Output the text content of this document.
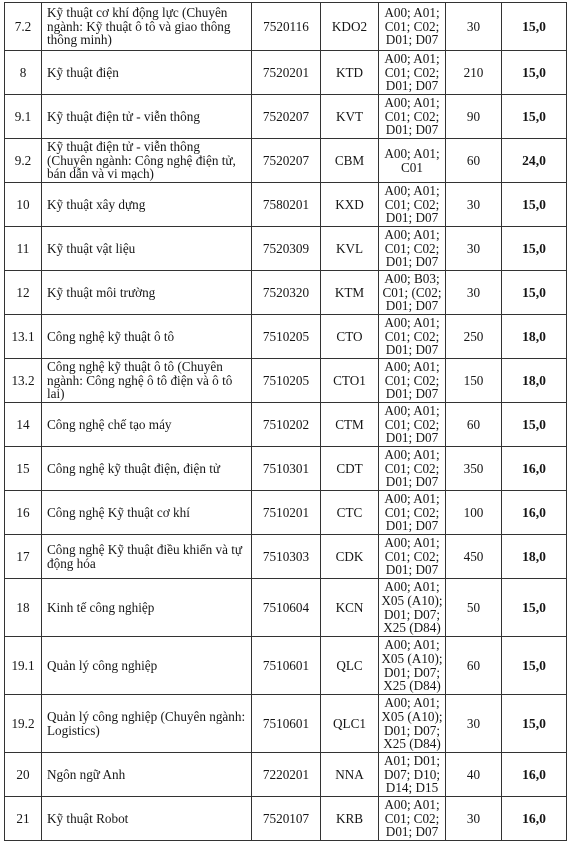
7.2	Kỹ thuật cơ khí động lực (Chuyên ngành: Kỹ thuật ô tô và giao thông thông minh)	7520116	KDO2	A00; A01; C01; C02; D01; D07	30	15,0
8	Kỹ thuật điện	7520201	KTD	A00; A01; C01; C02; D01; D07	210	15,0
9.1	Kỹ thuật điện tử - viễn thông	7520207	KVT	A00; A01; C01; C02; D01; D07	90	15,0
9.2	Kỹ thuật điện tử - viễn thông (Chuyên ngành: Công nghệ điện tử, bán dẫn và vi mạch)	7520207	CBM	A00; A01; C01	60	24,0
10	Kỹ thuật xây dựng	7580201	KXD	A00; A01; C01; C02; D01; D07	30	15,0
11	Kỹ thuật vật liệu	7520309	KVL	A00; A01; C01; C02; D01; D07	30	15,0
12	Kỹ thuật môi trường	7520320	KTM	A00; B03; C01; (C02; D01; D07	30	15,0
13.1	Công nghệ kỹ thuật ô tô	7510205	CTO	A00; A01; C01; C02; D01; D07	250	18,0
13.2	Công nghệ kỹ thuật ô tô (Chuyên ngành: Công nghệ ô tô điện và ô tô lai)	7510205	CTO1	A00; A01; C01; C02; D01; D07	150	18,0
14	Công nghệ chế tạo máy	7510202	CTM	A00; A01; C01; C02; D01; D07	60	15,0
15	Công nghệ kỹ thuật điện, điện tử	7510301	CDT	A00; A01; C01; C02; D01; D07	350	16,0
16	Công nghệ Kỹ thuật cơ khí	7510201	CTC	A00; A01; C01; C02; D01; D07	100	16,0
17	Công nghệ Kỹ thuật điều khiển và tự động hóa	7510303	CDK	A00; A01; C01; C02; D01; D07	450	18,0
18	Kinh tế công nghiệp	7510604	KCN	A00; A01; X05 (A10); D01; D07; X25 (D84)	50	15,0
19.1	Quản lý công nghiệp	7510601	QLC	A00; A01; X05 (A10); D01; D07; X25 (D84)	60	15,0
19.2	Quản lý công nghiệp (Chuyên ngành: Logistics)	7510601	QLC1	A00; A01; X05 (A10); D01; D07; X25 (D84)	30	15,0
20	Ngôn ngữ Anh	7220201	NNA	A01; D01; D07; D10; D14; D15	40	16,0
21	Kỹ thuật Robot	7520107	KRB	A00; A01; C01; C02; D01; D07	30	16,0
